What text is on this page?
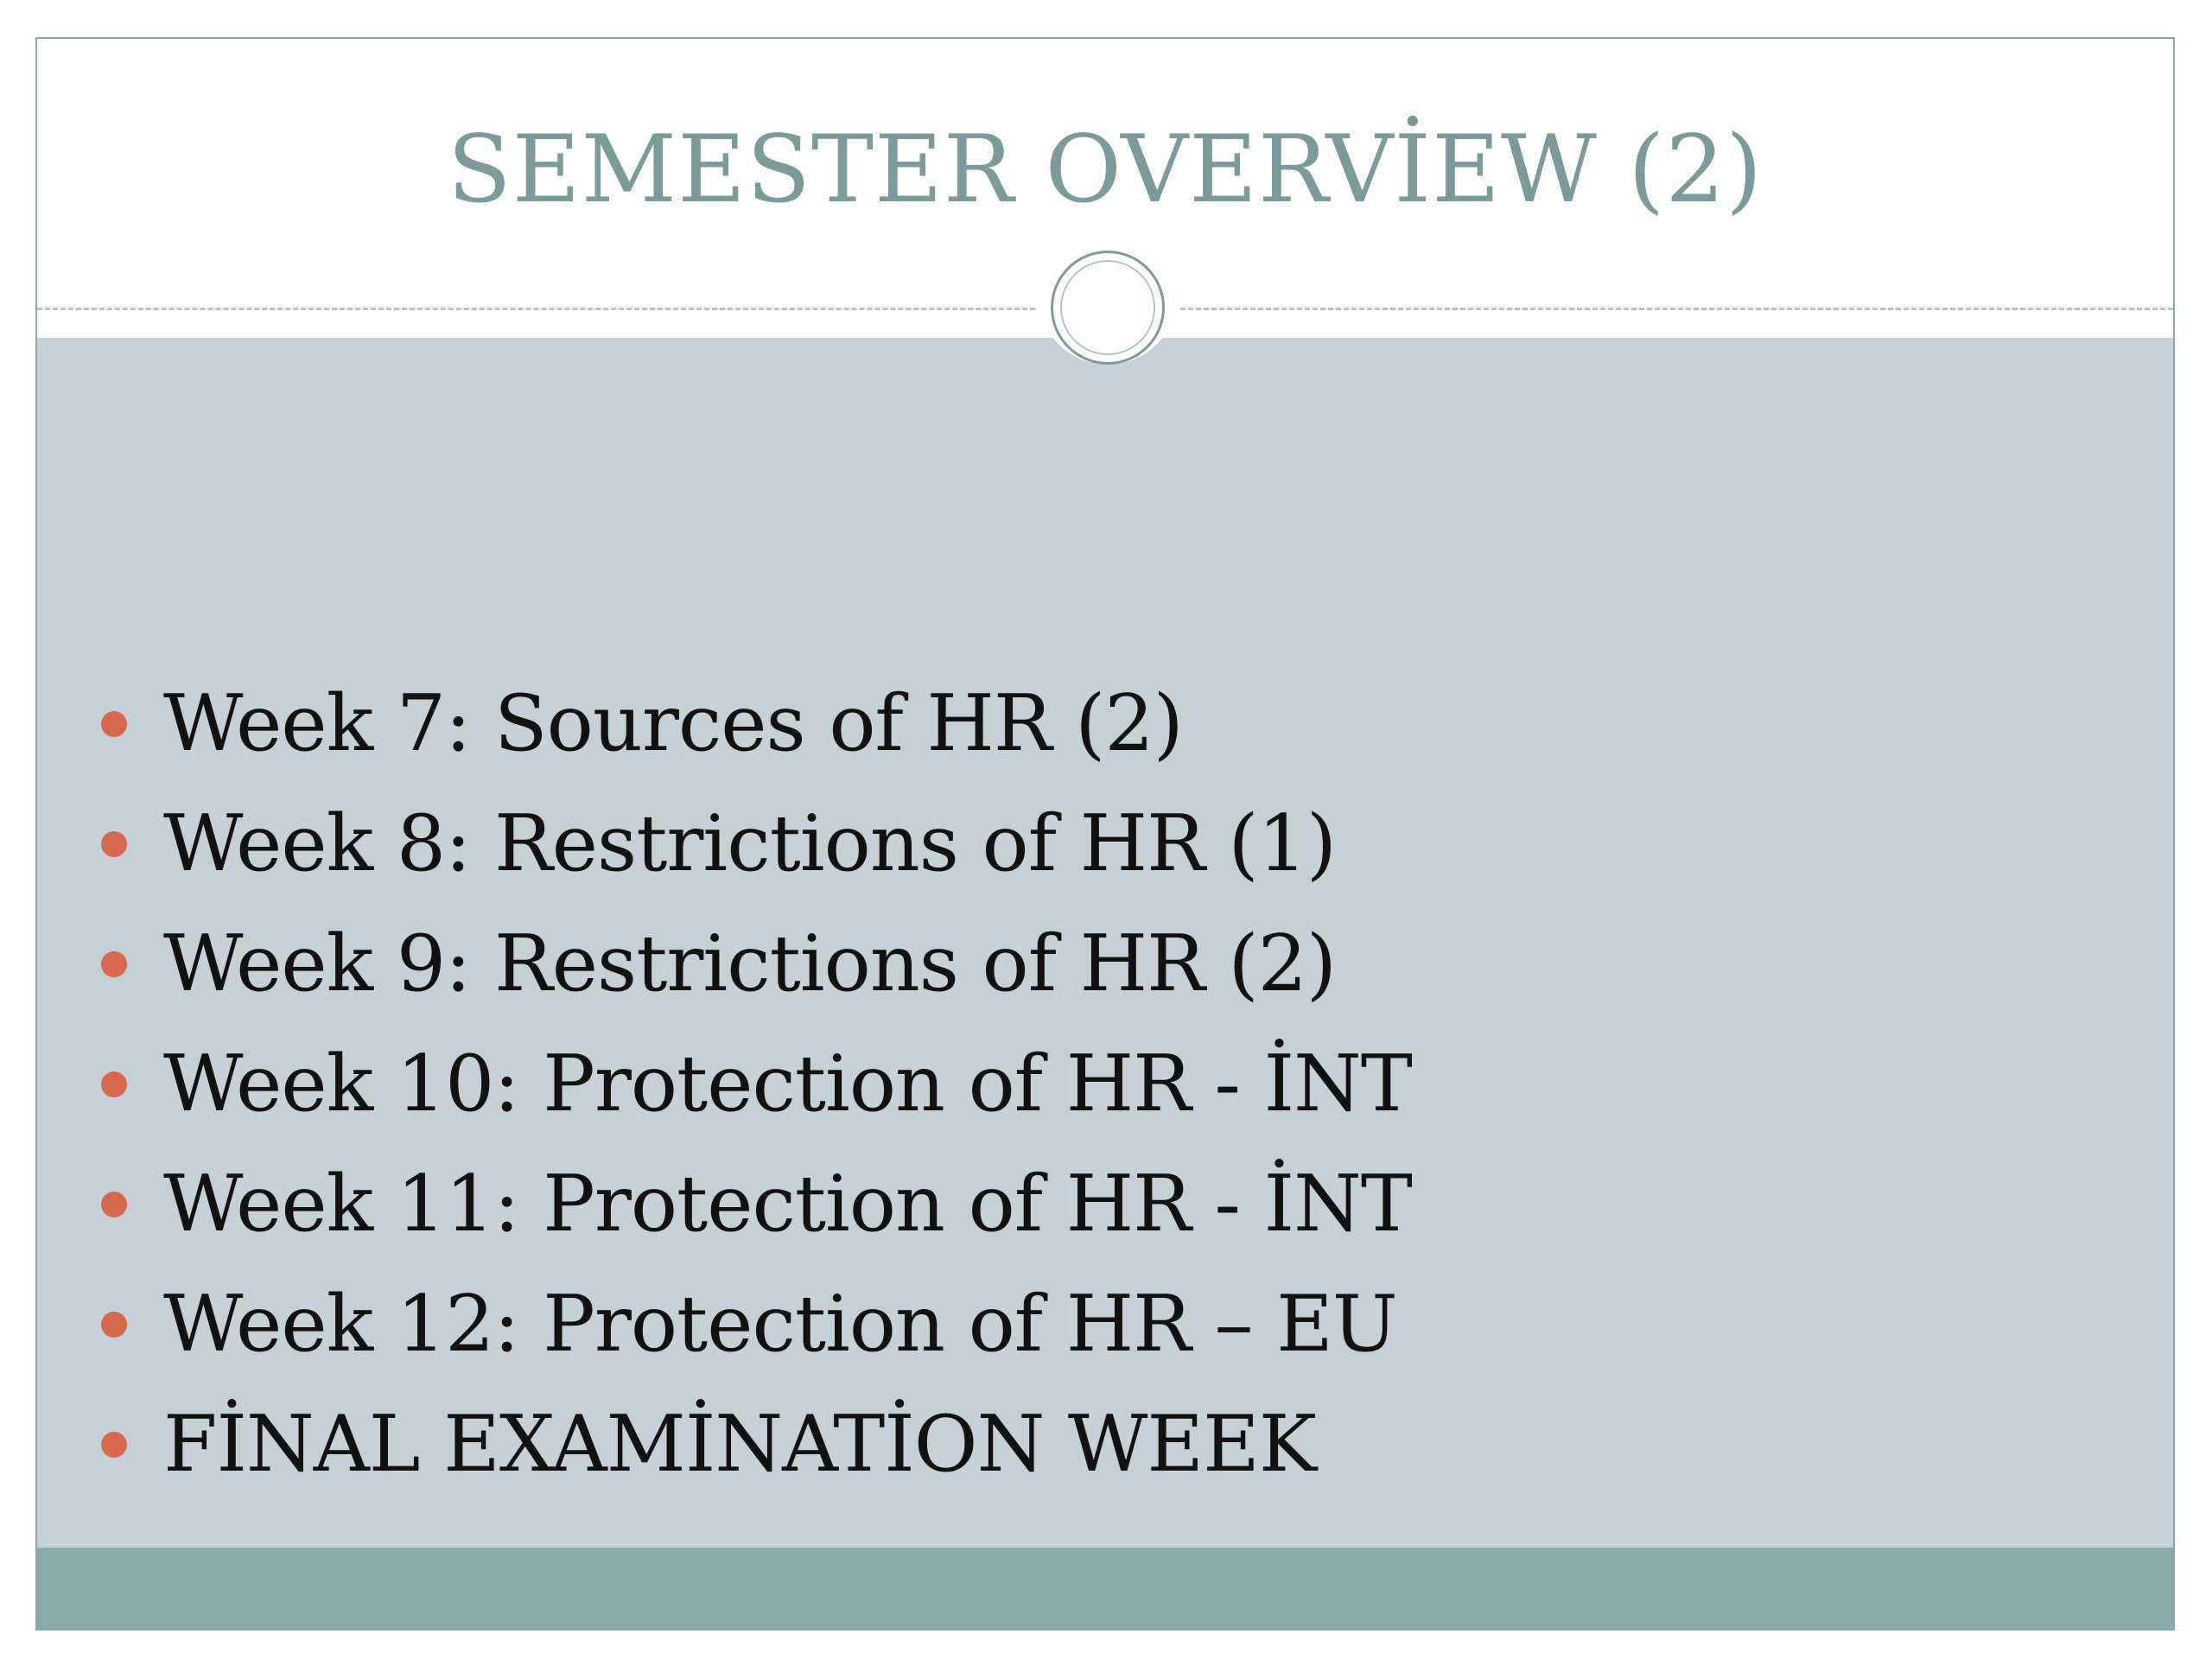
SEMESTER OVERVİEW (2)
Week 7: Sources of HR (2)
Week 8: Restrictions of HR (1)
Week 9: Restrictions of HR (2)
Week 10: Protection of HR - İNT
Week 11: Protection of HR - İNT
Week 12: Protection of HR – EU
FİNAL EXAMİNATİON WEEK
